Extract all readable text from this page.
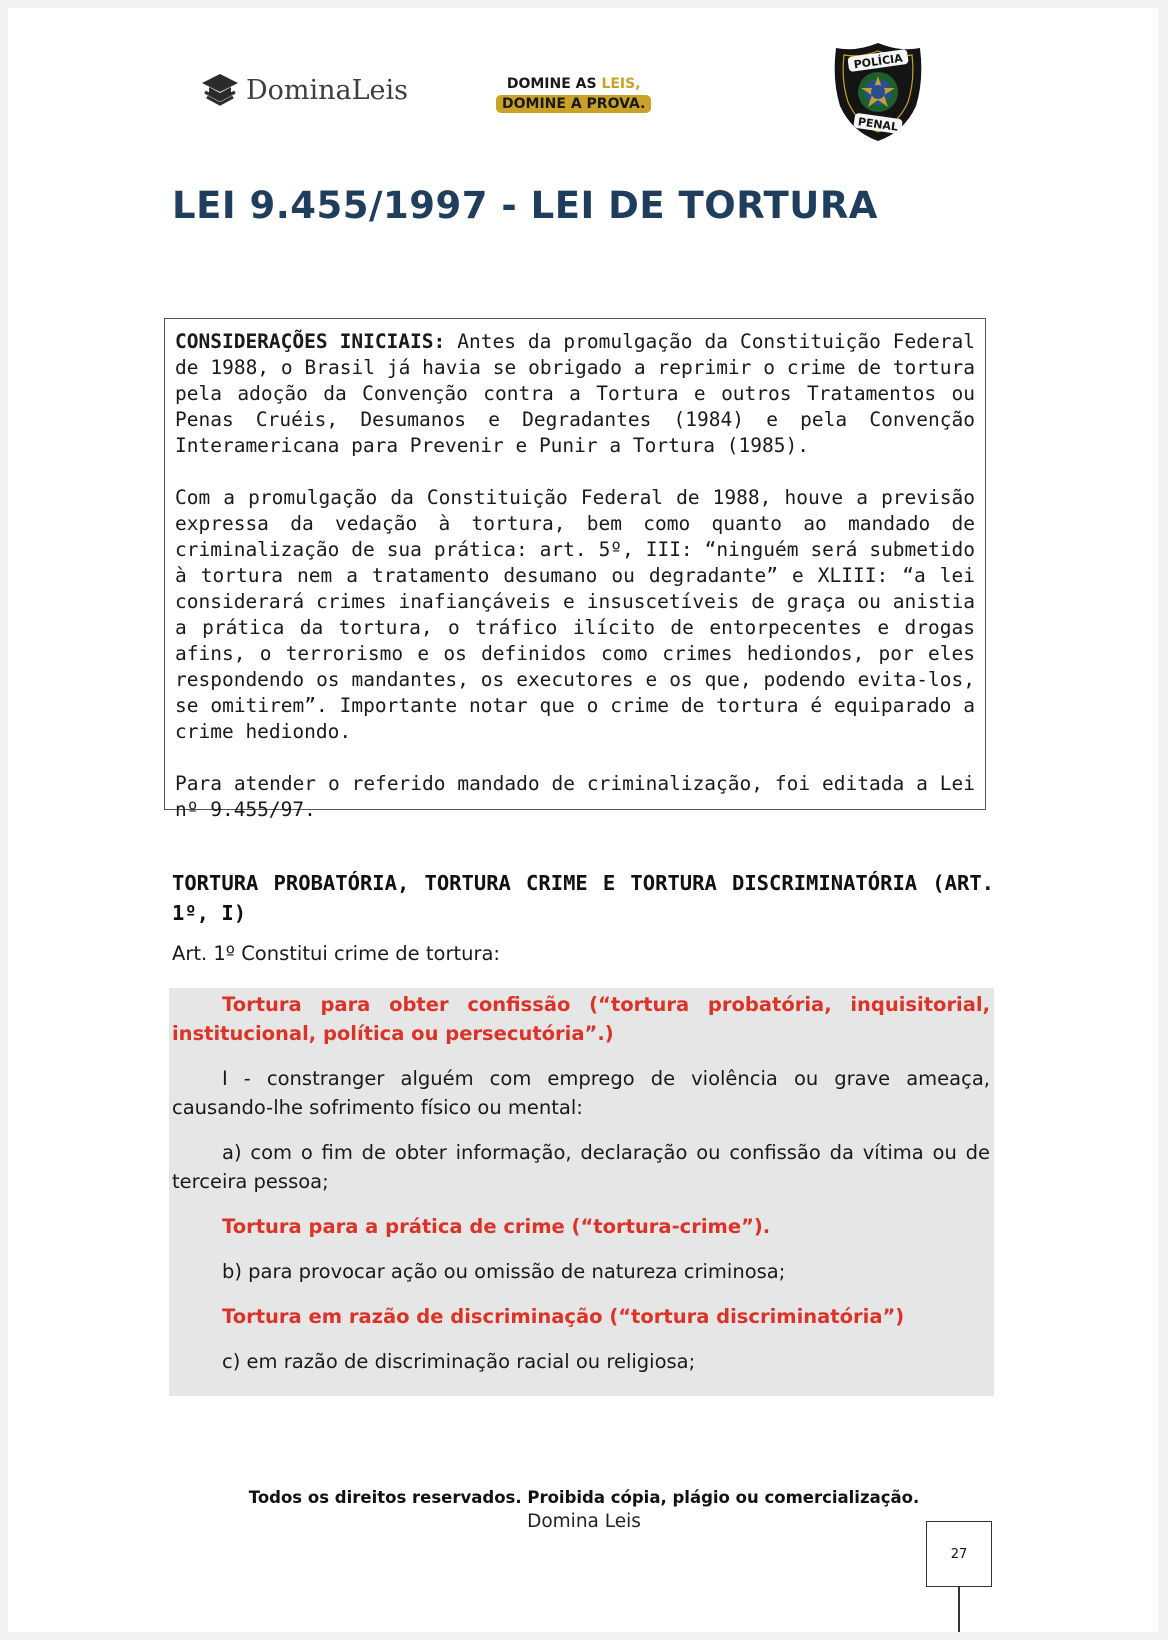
DominaLeis	DOMINE AS LEIS,
DOMINE A PROVA.
POLÍCIA
PENAL
LEI 9.455/1997 - LEI DE TORTURA

CONSIDERAÇÕES INICIAIS: Antes da promulgação da Constituição Federal de 1988, o Brasil já havia se obrigado a reprimir o crime de tortura pela adoção da Convenção contra a Tortura e outros Tratamentos ou Penas Cruéis, Desumanos e Degradantes (1984) e pela Convenção Interamericana para Prevenir e Punir a Tortura (1985).

Com a promulgação da Constituição Federal de 1988, houve a previsão expressa da vedação à tortura, bem como quanto ao mandado de criminalização de sua prática: art. 5º, III: “ninguém será submetido à tortura nem a tratamento desumano ou degradante” e XLIII: “a lei considerará crimes inafiançáveis e insuscetíveis de graça ou anistia a prática da tortura, o tráfico ilícito de entorpecentes e drogas afins, o terrorismo e os definidos como crimes hediondos, por eles respondendo os mandantes, os executores e os que, podendo evita-los, se omitirem”. Importante notar que o crime de tortura é equiparado a crime hediondo.

Para atender o referido mandado de criminalização, foi editada a Lei nº 9.455/97.

TORTURA PROBATÓRIA, TORTURA CRIME E TORTURA DISCRIMINATÓRIA (ART. 1º, I)

Art. 1º Constitui crime de tortura:

Tortura para obter confissão (“tortura probatória, inquisitorial, institucional, política ou persecutória”.)

I - constranger alguém com emprego de violência ou grave ameaça, causando-lhe sofrimento físico ou mental:

a) com o fim de obter informação, declaração ou confissão da vítima ou de terceira pessoa;

Tortura para a prática de crime (“tortura-crime”).

b) para provocar ação ou omissão de natureza criminosa;

Tortura em razão de discriminação (“tortura discriminatória”)

c) em razão de discriminação racial ou religiosa;

Todos os direitos reservados. Proibida cópia, plágio ou comercialização.
Domina Leis
27
